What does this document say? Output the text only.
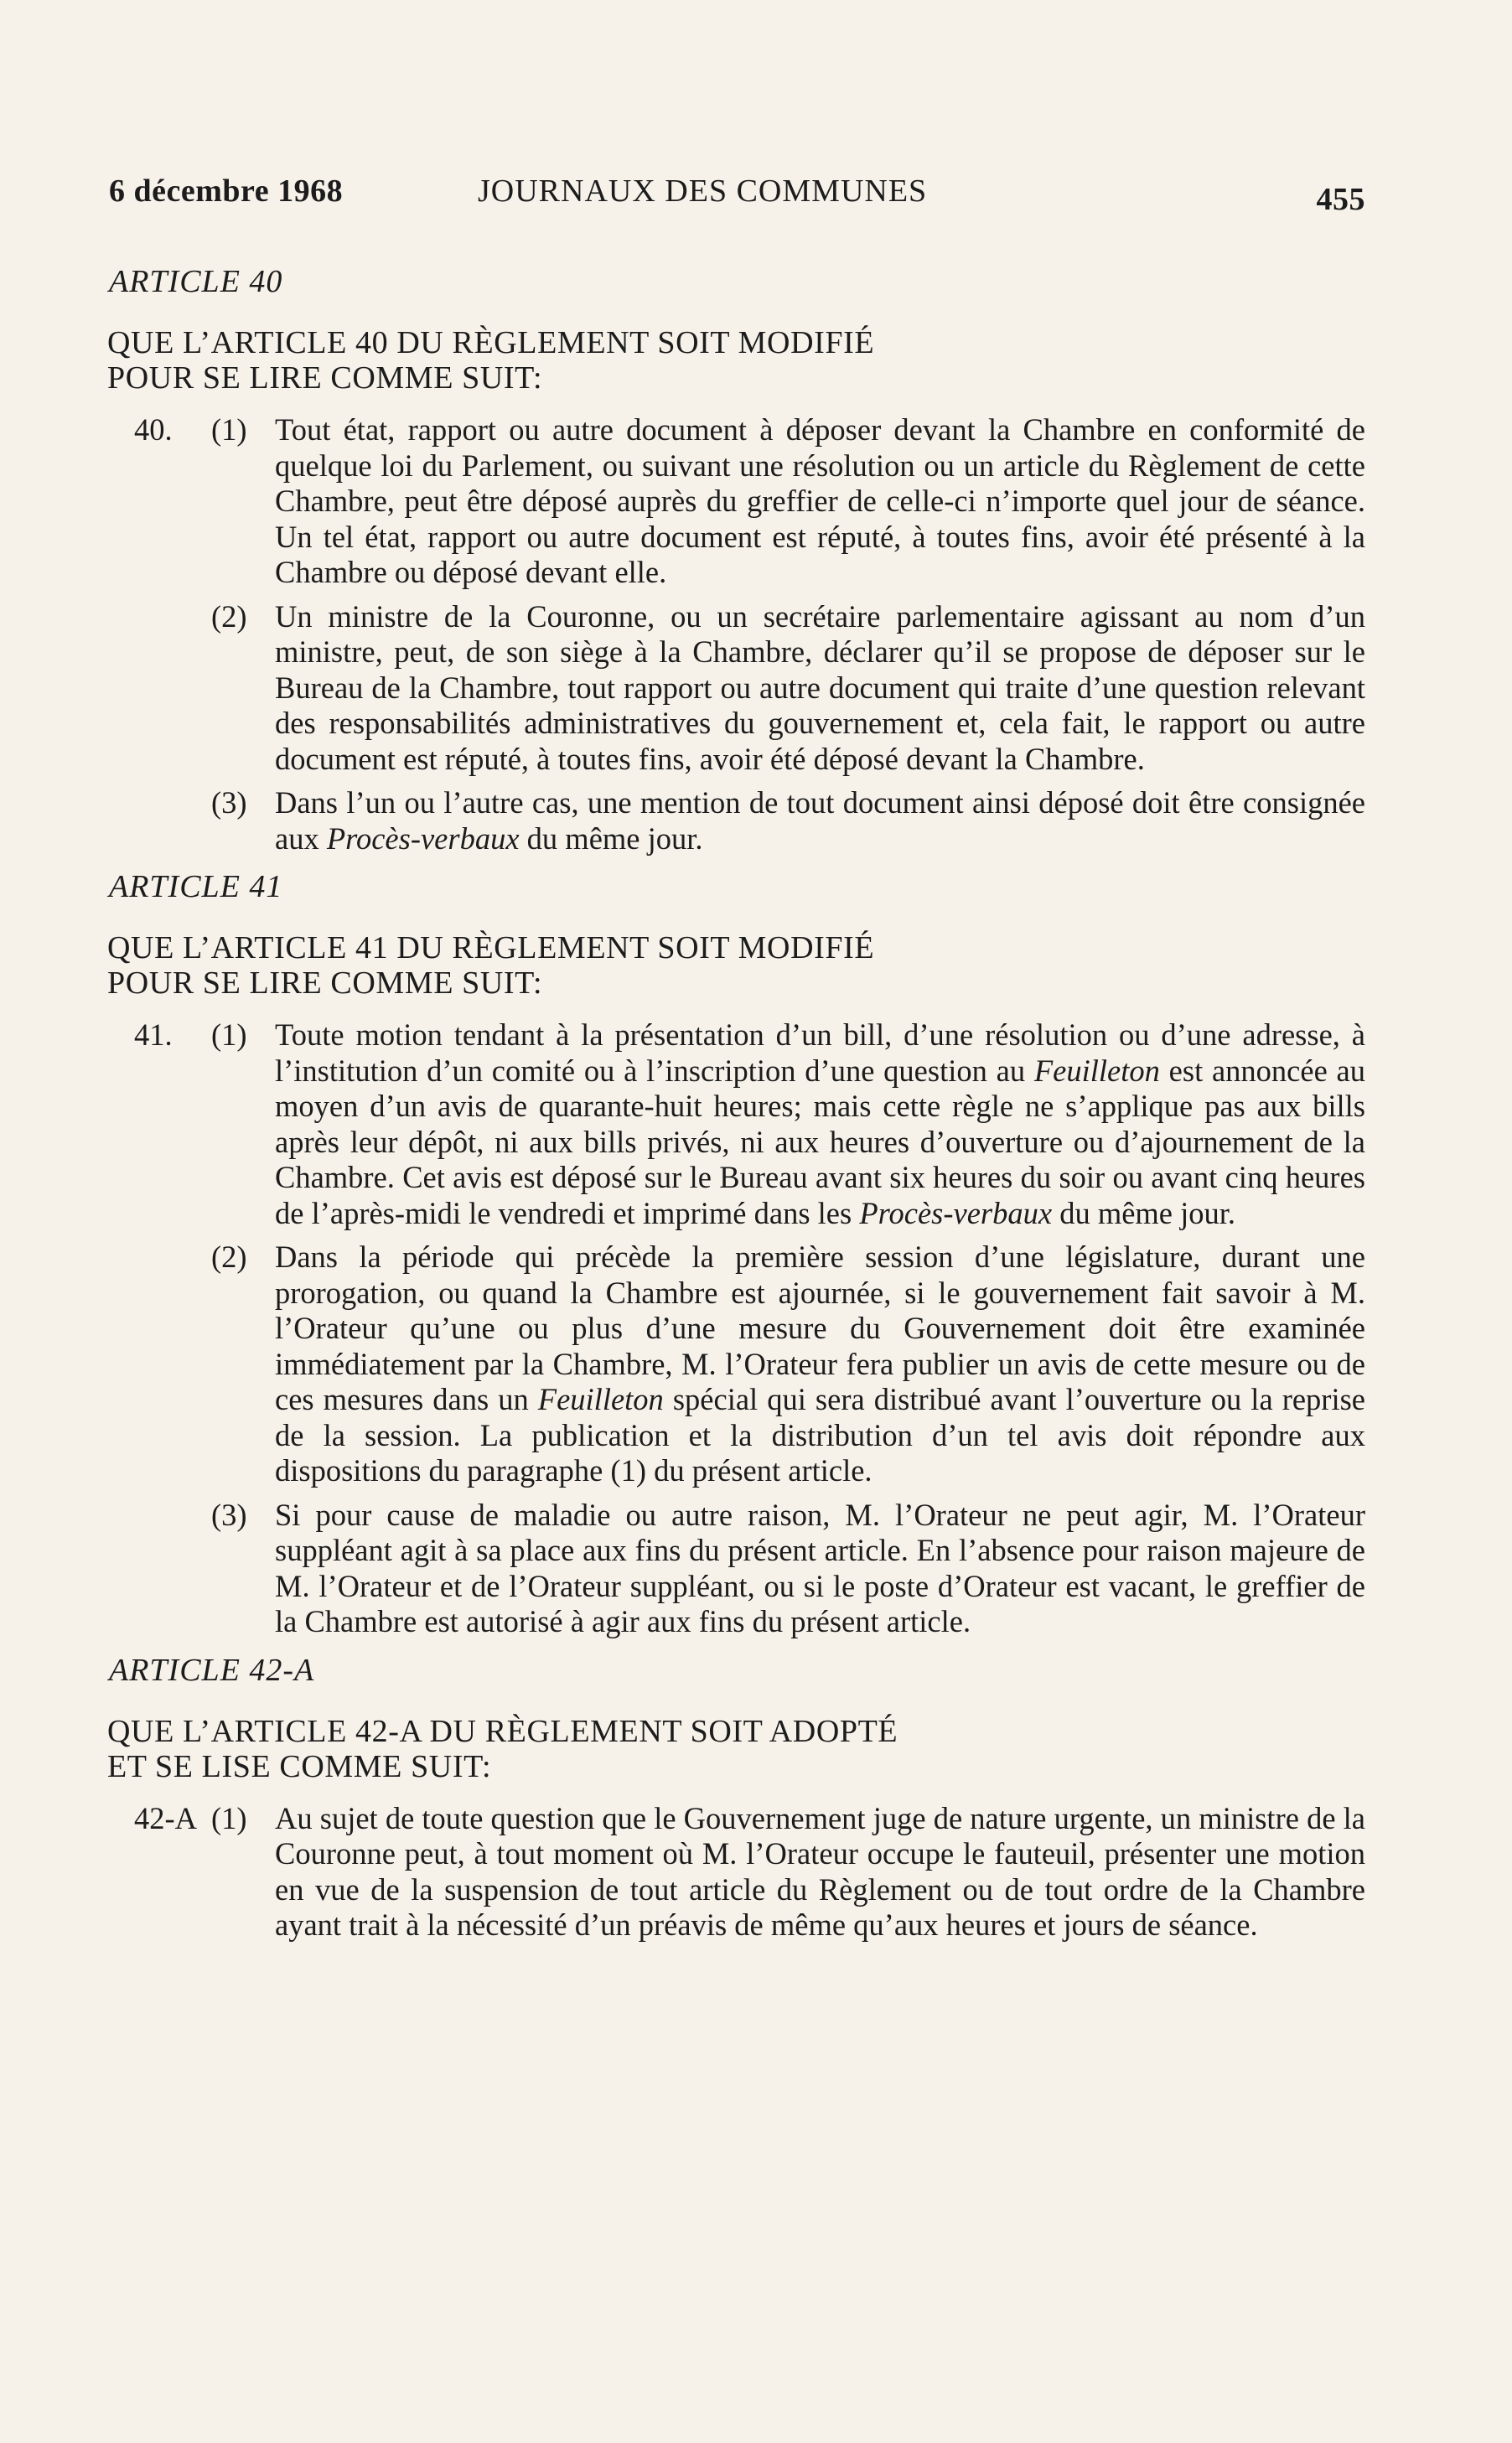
6 décembre 1968	JOURNAUX DES COMMUNES	455
ARTICLE 40
QUE L’ARTICLE 40 DU RÈGLEMENT SOIT MODIFIÉ
POUR SE LIRE COMME SUIT:
40. (1) Tout état, rapport ou autre document à déposer devant la Chambre en conformité de quelque loi du Parlement, ou suivant une résolution ou un article du Règlement de cette Chambre, peut être déposé auprès du greffier de celle-ci n’importe quel jour de séance. Un tel état, rapport ou autre document est réputé, à toutes fins, avoir été présenté à la Chambre ou déposé devant elle.
(2) Un ministre de la Couronne, ou un secrétaire parlementaire agissant au nom d’un ministre, peut, de son siège à la Chambre, déclarer qu’il se propose de déposer sur le Bureau de la Chambre, tout rapport ou autre document qui traite d’une question relevant des responsabilités administratives du gouvernement et, cela fait, le rapport ou autre document est réputé, à toutes fins, avoir été déposé devant la Chambre.
(3) Dans l’un ou l’autre cas, une mention de tout document ainsi déposé doit être consignée aux Procès-verbaux du même jour.
ARTICLE 41
QUE L’ARTICLE 41 DU RÈGLEMENT SOIT MODIFIÉ
POUR SE LIRE COMME SUIT:
41. (1) Toute motion tendant à la présentation d’un bill, d’une résolution ou d’une adresse, à l’institution d’un comité ou à l’inscription d’une question au Feuilleton est annoncée au moyen d’un avis de quarante-huit heures; mais cette règle ne s’applique pas aux bills après leur dépôt, ni aux bills privés, ni aux heures d’ouverture ou d’ajournement de la Chambre. Cet avis est déposé sur le Bureau avant six heures du soir ou avant cinq heures de l’après-midi le vendredi et imprimé dans les Procès-verbaux du même jour.
(2) Dans la période qui précède la première session d’une législature, durant une prorogation, ou quand la Chambre est ajournée, si le gouvernement fait savoir à M. l’Orateur qu’une ou plus d’une mesure du Gouvernement doit être examinée immédiatement par la Chambre, M. l’Orateur fera publier un avis de cette mesure ou de ces mesures dans un Feuilleton spécial qui sera distribué avant l’ouverture ou la reprise de la session. La publication et la distribution d’un tel avis doit répondre aux dispositions du paragraphe (1) du présent article.
(3) Si pour cause de maladie ou autre raison, M. l’Orateur ne peut agir, M. l’Orateur suppléant agit à sa place aux fins du présent article. En l’absence pour raison majeure de M. l’Orateur et de l’Orateur suppléant, ou si le poste d’Orateur est vacant, le greffier de la Chambre est autorisé à agir aux fins du présent article.
ARTICLE 42-A
QUE L’ARTICLE 42-A DU RÈGLEMENT SOIT ADOPTÉ
ET SE LISE COMME SUIT:
42-A (1) Au sujet de toute question que le Gouvernement juge de nature urgente, un ministre de la Couronne peut, à tout moment où M. l’Orateur occupe le fauteuil, présenter une motion en vue de la suspension de tout article du Règlement ou de tout ordre de la Chambre ayant trait à la nécessité d’un préavis de même qu’aux heures et jours de séance.
